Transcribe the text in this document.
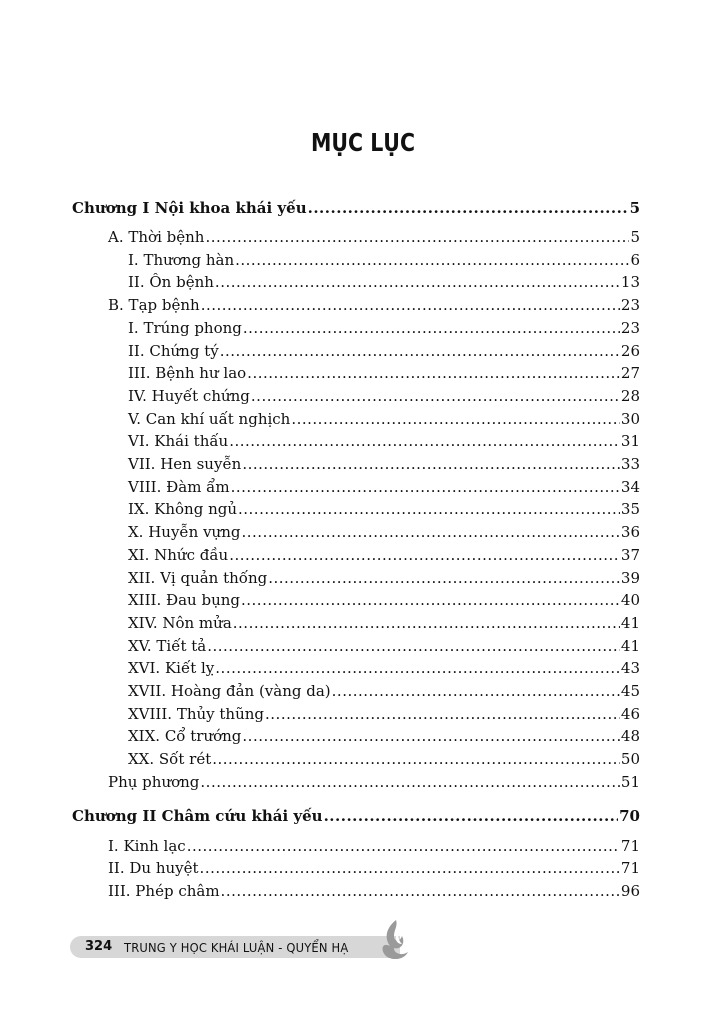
MỤC LỤC
Chương I Nội khoa khái yếu .....	5
A. Thời bệnh .....	5
I. Thương hàn .....	6
II. Ôn bệnh .....	13
B. Tạp bệnh .....	23
I. Trúng phong .....	23
II. Chứng tý .....	26
III. Bệnh hư lao .....	27
IV. Huyết chứng .....	28
V. Can khí uất nghịch .....	30
VI. Khái thấu .....	31
VII. Hen suyễn .....	33
VIII. Đàm ẩm .....	34
IX. Không ngủ .....	35
X. Huyễn vựng .....	36
XI. Nhức đầu .....	37
XII. Vị quản thống .....	39
XIII. Đau bụng .....	40
XIV. Nôn mửa .....	41
XV. Tiết tả .....	41
XVI. Kiết lỵ .....	43
XVII. Hoàng đản (vàng da) .....	45
XVIII. Thủy thũng .....	46
XIX. Cổ trướng .....	48
XX. Sốt rét .....	50
Phụ phương .....	51
Chương II Châm cứu khái yếu .....	70
I. Kinh lạc .....	71
II. Du huyệt .....	71
III. Phép châm .....	96
324 TRUNG Y HỌC KHÁI LUẬN - QUYỂN HẠ
